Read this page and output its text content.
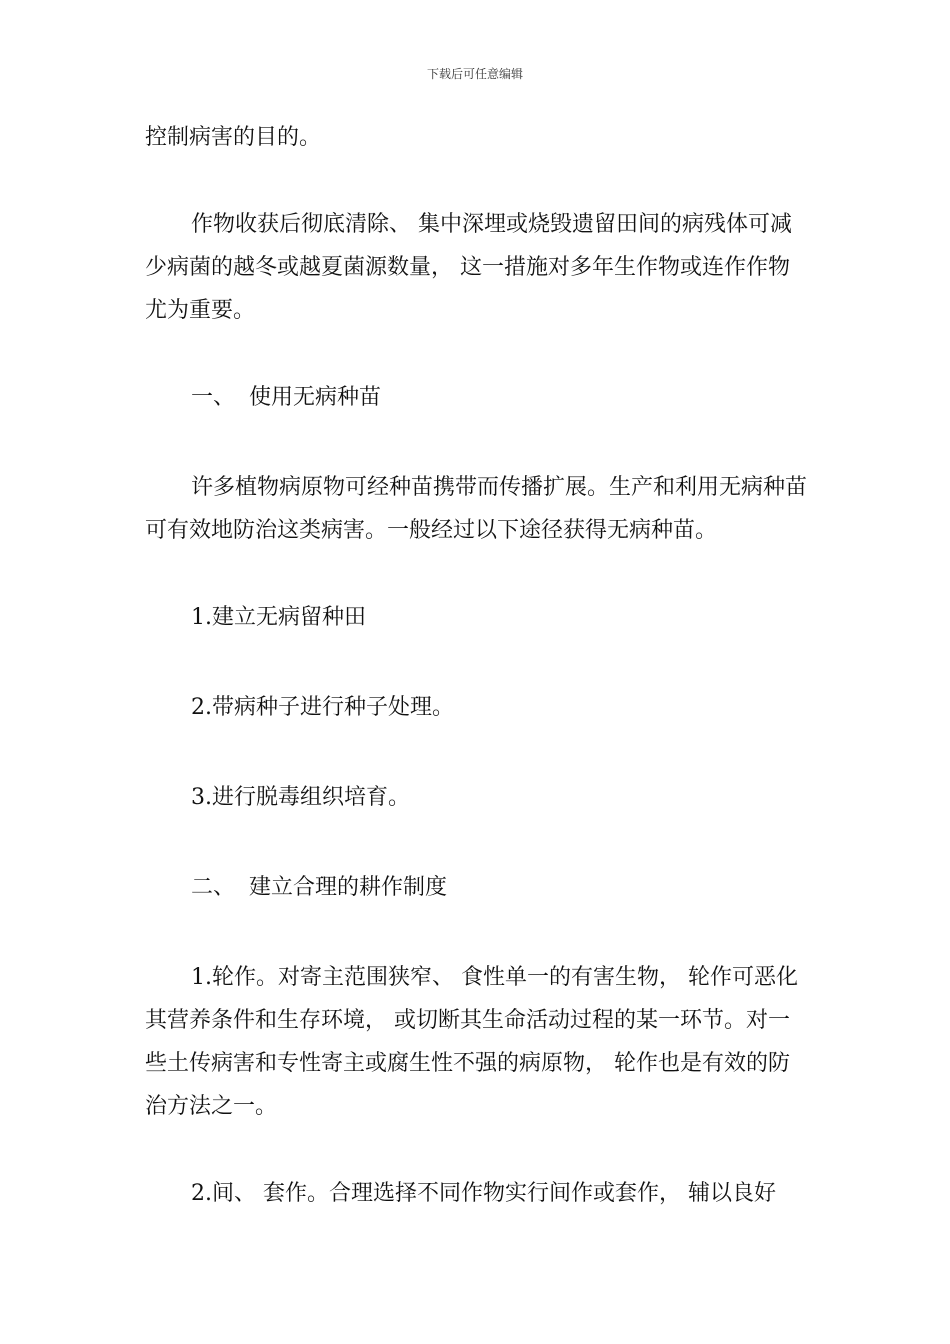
下载后可任意编辑

控制病害的目的。

作物收获后彻底清除、 集中深埋或烧毁遗留田间的病残体可减少病菌的越冬或越夏菌源数量， 这一措施对多年生作物或连作作物尤为重要。

一、 使用无病种苗

许多植物病原物可经种苗携带而传播扩展。生产和利用无病种苗可有效地防治这类病害。一般经过以下途径获得无病种苗。

1.建立无病留种田
2.带病种子进行种子处理。
3.进行脱毒组织培育。
二、 建立合理的耕作制度

1.轮作。对寄主范围狭窄、 食性单一的有害生物， 轮作可恶化其营养条件和生存环境， 或切断其生命活动过程的某一环节。对一些土传病害和专性寄主或腐生性不强的病原物， 轮作也是有效的防治方法之一。

2.间、 套作。合理选择不同作物实行间作或套作， 辅以良好
